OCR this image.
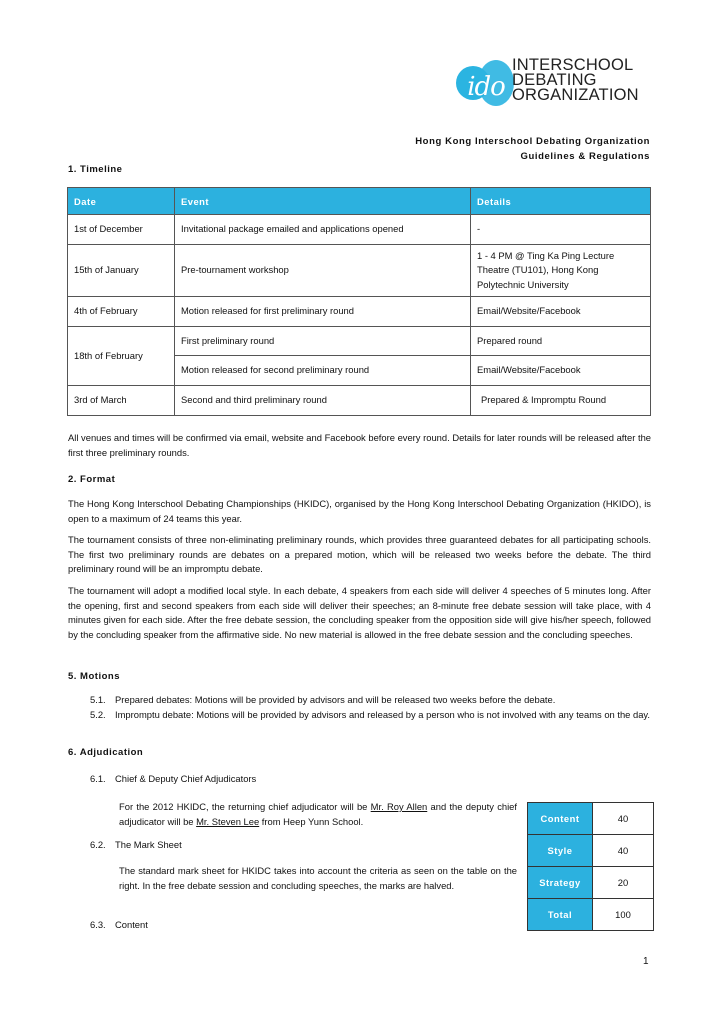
ido
INTERSCHOOL
DEBATING
ORGANIZATION
Hong Kong Interschool Debating Organization
Guidelines & Regulations
1. Timeline
Date	Event	Details
1st of December	Invitational package emailed and applications opened	-
15th of January	Pre-tournament workshop	1 - 4 PM @ Ting Ka Ping Lecture Theatre (TU101), Hong Kong Polytechnic University
4th of February	Motion released for first preliminary round	Email/Website/Facebook
18th of February	First preliminary round	Prepared round
	Motion released for second preliminary round	Email/Website/Facebook
3rd of March	Second and third preliminary round	Prepared & Impromptu Round

All venues and times will be confirmed via email, website and Facebook before every round. Details for later rounds will be released after the first three preliminary rounds.

2. Format

The Hong Kong Interschool Debating Championships (HKIDC), organised by the Hong Kong Interschool Debating Organization (HKIDO), is open to a maximum of 24 teams this year.

The tournament consists of three non-eliminating preliminary rounds, which provides three guaranteed debates for all participating schools. The first two preliminary rounds are debates on a prepared motion, which will be released two weeks before the debate. The third preliminary round will be an impromptu debate.

The tournament will adopt a modified local style. In each debate, 4 speakers from each side will deliver 4 speeches of 5 minutes long. After the opening, first and second speakers from each side will deliver their speeches; an 8-minute free debate session will take place, with 4 minutes given for each side. After the free debate session, the concluding speaker from the opposition side will give his/her speech, followed by the concluding speaker from the affirmative side. No new material is allowed in the free debate session and the concluding speeches.

5. Motions
5.1. Prepared debates: Motions will be provided by advisors and will be released two weeks before the debate.
5.2. Impromptu debate: Motions will be provided by advisors and released by a person who is not involved with any teams on the day.
6. Adjudication
6.1. Chief & Deputy Chief Adjudicators

For the 2012 HKIDC, the returning chief adjudicator will be Mr. Roy Allen and the deputy chief adjudicator will be Mr. Steven Lee from Heep Yunn School.

6.2. The Mark Sheet

The standard mark sheet for HKIDC takes into account the criteria as seen on the table on the right. In the free debate session and concluding speeches, the marks are halved.

6.3. Content
Content	40
Style	40
Strategy	20
Total	100
1
